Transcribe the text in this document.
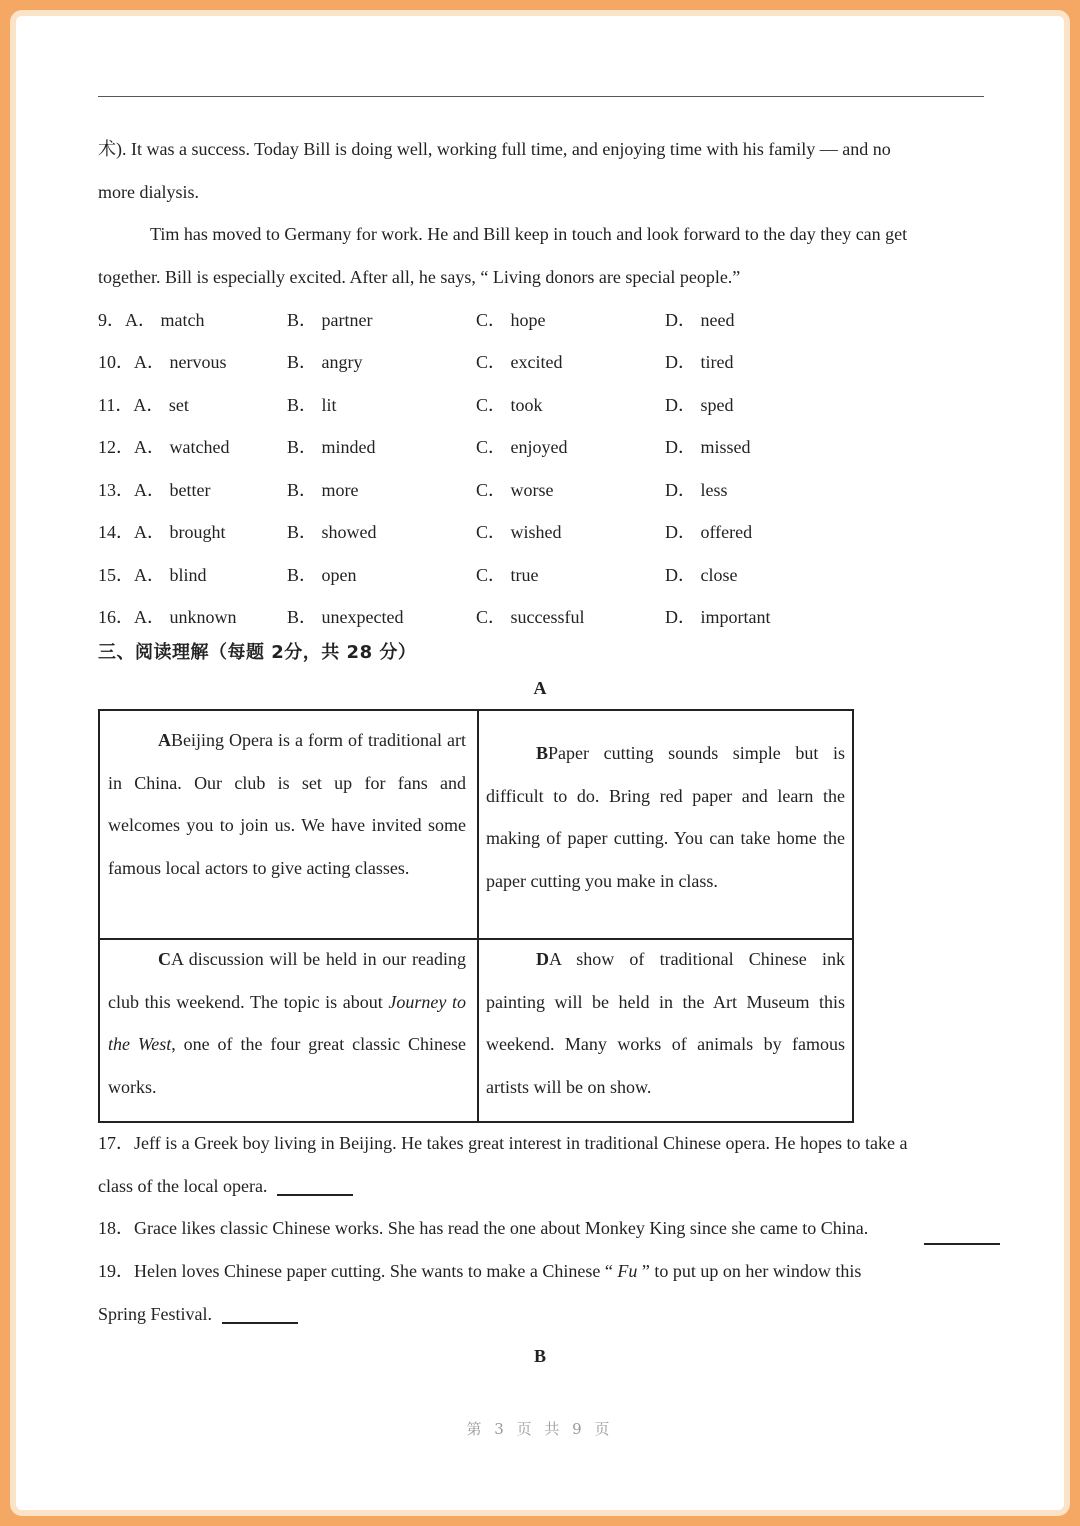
术). It was a success. Today Bill is doing well, working full time, and enjoying time with his family — and no
more dialysis.
Tim has moved to Germany for work. He and Bill keep in touch and look forward to the day they can get
together. Bill is especially excited. After all, he says, “ Living donors are special people.”
9．A． match	B． partner	C． hope	D． need
10．A． nervous	B． angry	C． excited	D． tired
11．A． set	B． lit	C． took	D． sped
12．A． watched	B． minded	C． enjoyed	D． missed
13．A． better	B． more	C． worse	D． less
14．A． brought	B． showed	C． wished	D． offered
15．A． blind	B． open	C． true	D． close
16．A． unknown	B． unexpected	C． successful	D． important
三、阅读理解（每题 2分，共 28 分）
A
ABeijing Opera is a form of traditional art in China. Our club is set up for fans and welcomes you to join us. We have invited some famous local actors to give acting classes.
BPaper cutting sounds simple but is difficult to do. Bring red paper and learn the making of paper cutting. You can take home the paper cutting you make in class.
CA discussion will be held in our reading club this weekend. The topic is about Journey to the West, one of the four great classic Chinese works.
DA show of traditional Chinese ink painting will be held in the Art Museum this weekend. Many works of animals by famous artists will be on show.
17．Jeff is a Greek boy living in Beijing. He takes great interest in traditional Chinese opera. He hopes to take a
class of the local opera.
18．Grace likes classic Chinese works. She has read the one about Monkey King since she came to China.
19．Helen loves Chinese paper cutting. She wants to make a Chinese “ Fu ” to put up on her window this
Spring Festival.
B
第 3 页 共 9 页
